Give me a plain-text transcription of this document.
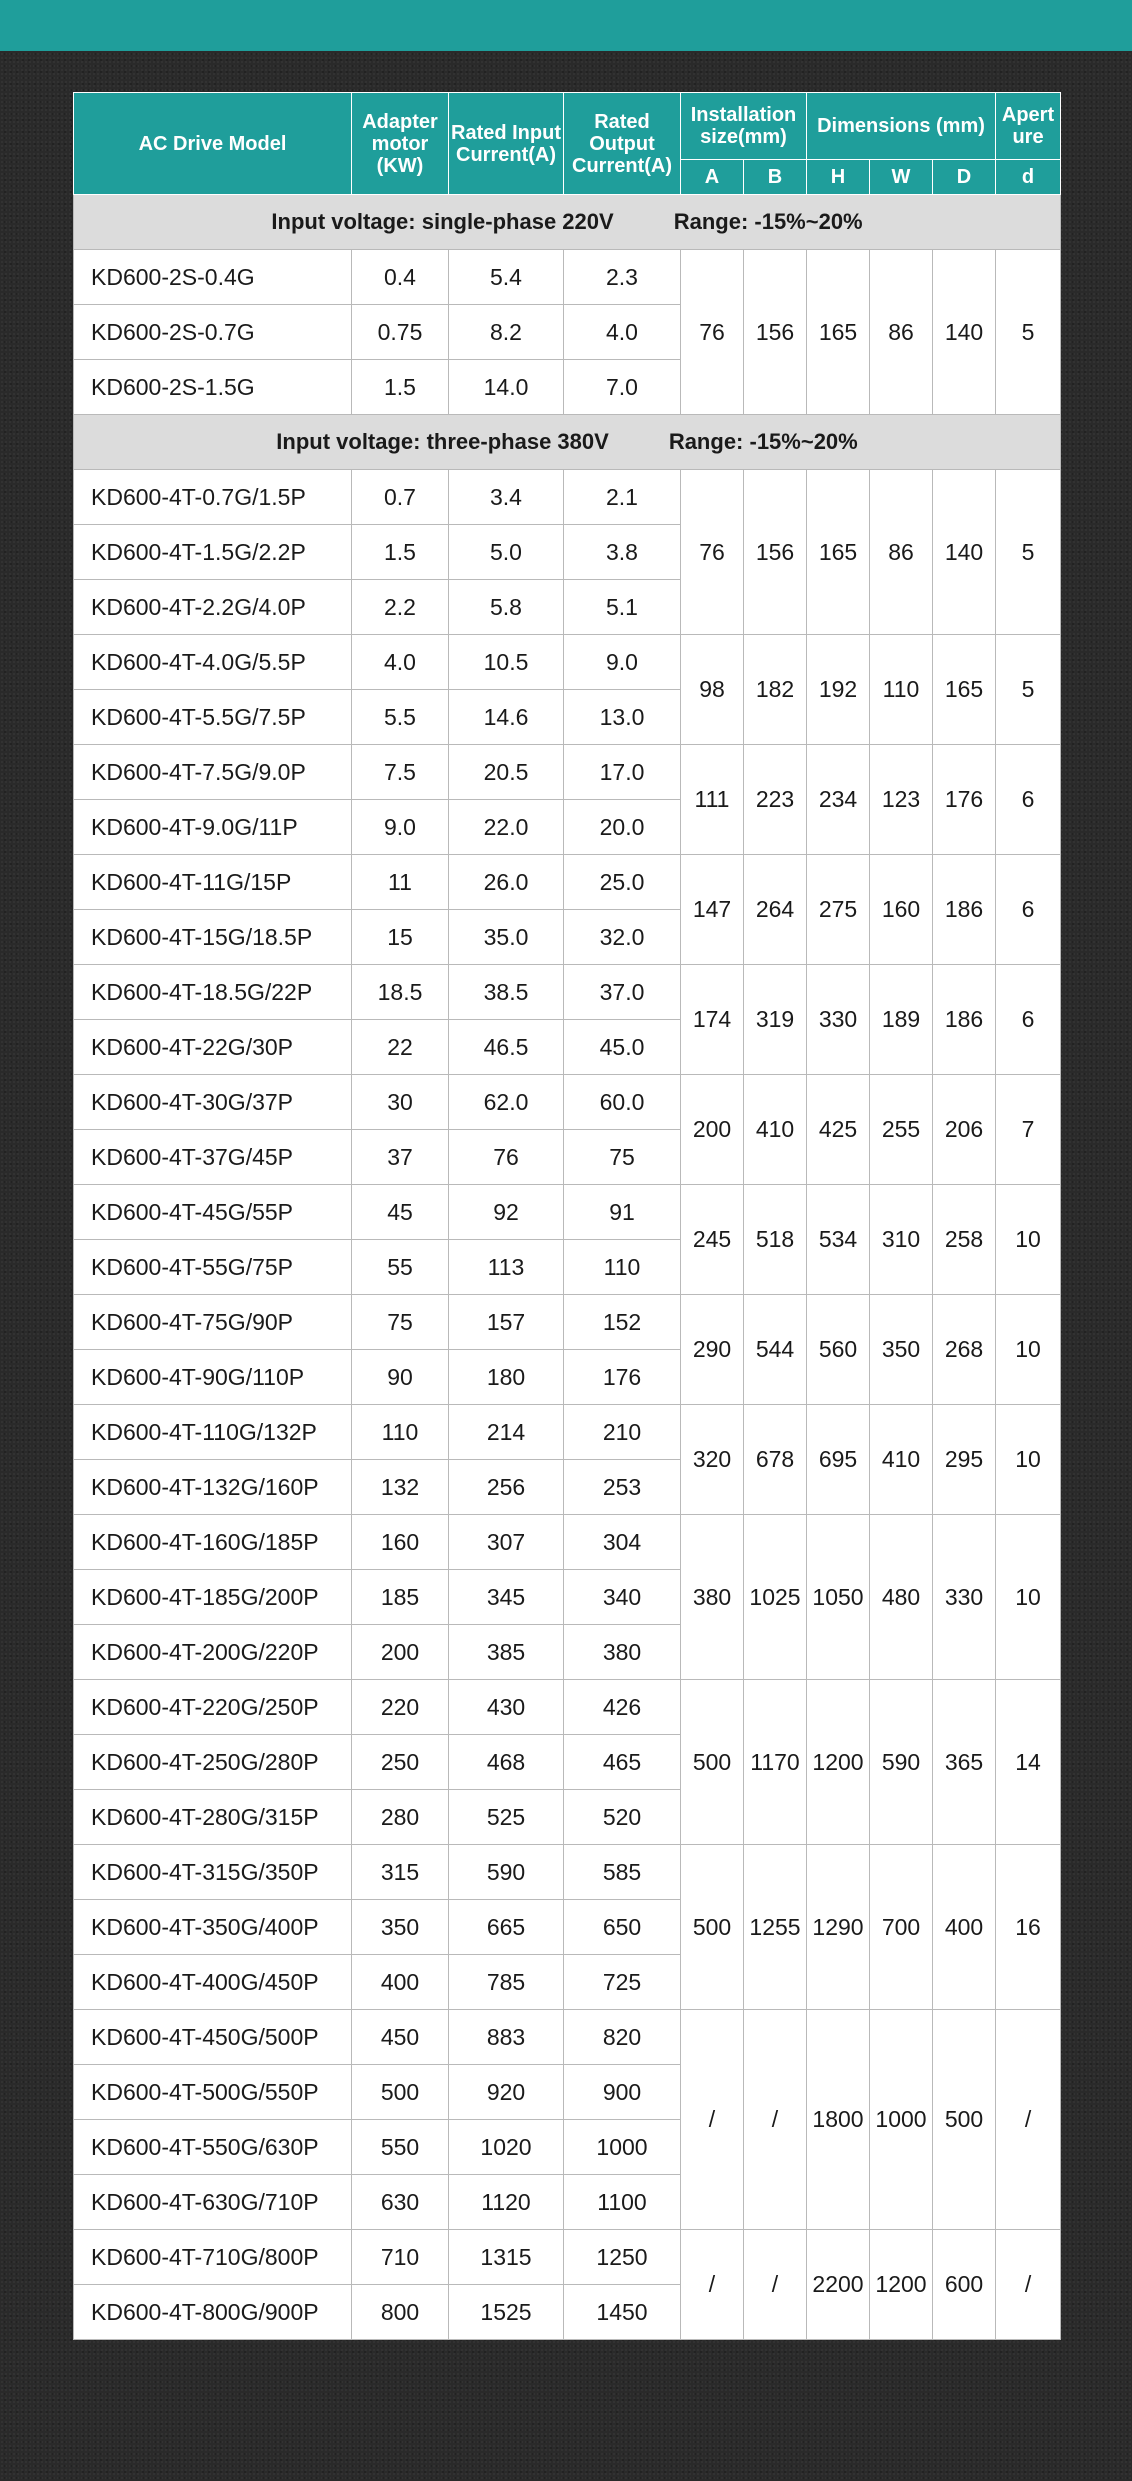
AC Drive Model	Adapter motor (KW)	Rated Input Current(A)	Rated Output Current(A)	Installation size(mm)		Dimensions (mm)			Apert ure
				A	B	H	W	D	d
Input voltage: single-phase 220V Range: -15%~20%									
KD600-2S-0.4G	0.4	5.4	2.3	76	156	165	86	140	5
KD600-2S-0.7G	0.75	8.2	4.0						
KD600-2S-1.5G	1.5	14.0	7.0						
Input voltage: three-phase 380V Range: -15%~20%									
KD600-4T-0.7G/1.5P	0.7	3.4	2.1	76	156	165	86	140	5
KD600-4T-1.5G/2.2P	1.5	5.0	3.8						
KD600-4T-2.2G/4.0P	2.2	5.8	5.1						
KD600-4T-4.0G/5.5P	4.0	10.5	9.0	98	182	192	110	165	5
KD600-4T-5.5G/7.5P	5.5	14.6	13.0						
KD600-4T-7.5G/9.0P	7.5	20.5	17.0	111	223	234	123	176	6
KD600-4T-9.0G/11P	9.0	22.0	20.0						
KD600-4T-11G/15P	11	26.0	25.0	147	264	275	160	186	6
KD600-4T-15G/18.5P	15	35.0	32.0						
KD600-4T-18.5G/22P	18.5	38.5	37.0	174	319	330	189	186	6
KD600-4T-22G/30P	22	46.5	45.0						
KD600-4T-30G/37P	30	62.0	60.0	200	410	425	255	206	7
KD600-4T-37G/45P	37	76	75						
KD600-4T-45G/55P	45	92	91	245	518	534	310	258	10
KD600-4T-55G/75P	55	113	110						
KD600-4T-75G/90P	75	157	152	290	544	560	350	268	10
KD600-4T-90G/110P	90	180	176						
KD600-4T-110G/132P	110	214	210	320	678	695	410	295	10
KD600-4T-132G/160P	132	256	253						
KD600-4T-160G/185P	160	307	304	380	1025	1050	480	330	10
KD600-4T-185G/200P	185	345	340						
KD600-4T-200G/220P	200	385	380						
KD600-4T-220G/250P	220	430	426	500	1170	1200	590	365	14
KD600-4T-250G/280P	250	468	465						
KD600-4T-280G/315P	280	525	520						
KD600-4T-315G/350P	315	590	585	500	1255	1290	700	400	16
KD600-4T-350G/400P	350	665	650						
KD600-4T-400G/450P	400	785	725						
KD600-4T-450G/500P	450	883	820	/	/	1800	1000	500	/
KD600-4T-500G/550P	500	920	900						
KD600-4T-550G/630P	550	1020	1000						
KD600-4T-630G/710P	630	1120	1100						
KD600-4T-710G/800P	710	1315	1250	/	/	2200	1200	600	/
KD600-4T-800G/900P	800	1525	1450						
